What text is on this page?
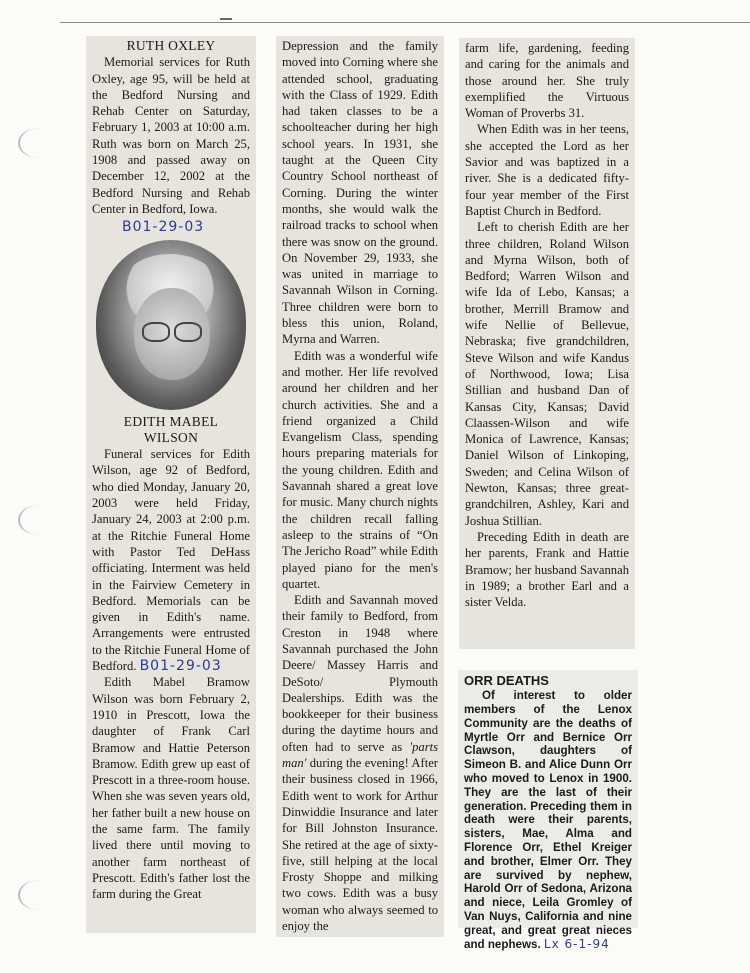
RUTH OXLEY

Memorial services for Ruth Oxley, age 95, will be held at the Bedford Nursing and Rehab Center on Saturday, February 1, 2003 at 10:00 a.m. Ruth was born on March 25, 1908 and passed away on December 12, 2002 at the Bedford Nursing and Rehab Center in Bedford, Iowa.

B01-29-03
EDITH MABEL
WILSON

Funeral services for Edith Wilson, age 92 of Bedford, who died Monday, January 20, 2003 were held Friday, January 24, 2003 at 2:00 p.m. at the Ritchie Funeral Home with Pastor Ted DeHass officiating. Interment was held in the Fairview Cemetery in Bedford. Memorials can be given in Edith's name. Arrangements were entrusted to the Ritchie Funeral Home of Bedford. B01-29-03

Edith Mabel Bramow Wilson was born February 2, 1910 in Prescott, Iowa the daughter of Frank Carl Bramow and Hattie Peterson Bramow. Edith grew up east of Prescott in a three-room house. When she was seven years old, her father built a new house on the same farm. The family lived there until moving to another farm northeast of Prescott. Edith's father lost the farm during the Great

Depression and the family moved into Corning where she attended school, graduating with the Class of 1929. Edith had taken classes to be a schoolteacher during her high school years. In 1931, she taught at the Queen City Country School northeast of Corning. During the winter months, she would walk the railroad tracks to school when there was snow on the ground. On November 29, 1933, she was united in marriage to Savannah Wilson in Corning. Three children were born to bless this union, Roland, Myrna and Warren.

Edith was a wonderful wife and mother. Her life revolved around her children and her church activities. She and a friend organized a Child Evangelism Class, spending hours preparing materials for the young children. Edith and Savannah shared a great love for music. Many church nights the children recall falling asleep to the strains of “On The Jericho Road” while Edith played piano for the men's quartet.

Edith and Savannah moved their family to Bedford, from Creston in 1948 where Savannah purchased the John Deere/ Massey Harris and DeSoto/ Plymouth Dealerships. Edith was the bookkeeper for their business during the daytime hours and often had to serve as 'parts man' during the evening! After their business closed in 1966, Edith went to work for Arthur Dinwiddie Insurance and later for Bill Johnston Insurance. She retired at the age of sixty-five, still helping at the local Frosty Shoppe and milking two cows. Edith was a busy woman who always seemed to enjoy the

farm life, gardening, feeding and caring for the animals and those around her. She truly exemplified the Virtuous Woman of Proverbs 31.

When Edith was in her teens, she accepted the Lord as her Savior and was baptized in a river. She is a dedicated fifty-four year member of the First Baptist Church in Bedford.

Left to cherish Edith are her three children, Roland Wilson and Myrna Wilson, both of Bedford; Warren Wilson and wife Ida of Lebo, Kansas; a brother, Merrill Bramow and wife Nellie of Bellevue, Nebraska; five grandchildren, Steve Wilson and wife Kandus of Northwood, Iowa; Lisa Stillian and husband Dan of Kansas City, Kansas; David Claassen-Wilson and wife Monica of Lawrence, Kansas; Daniel Wilson of Linkoping, Sweden; and Celina Wilson of Newton, Kansas; three great-grandchilren, Ashley, Kari and Joshua Stillian.

Preceding Edith in death are her parents, Frank and Hattie Bramow; her husband Savannah in 1989; a brother Earl and a sister Velda.

ORR DEATHS

Of interest to older members of the Lenox Community are the deaths of Myrtle Orr and Bernice Orr Clawson, daughters of Simeon B. and Alice Dunn Orr who moved to Lenox in 1900. They are the last of their generation. Preceding them in death were their parents, sisters, Mae, Alma and Florence Orr, Ethel Kreiger and brother, Elmer Orr. They are survived by nephew, Harold Orr of Sedona, Arizona and niece, Leila Gromley of Van Nuys, California and nine great, and great great nieces and nephews. Lx 6-1-94
